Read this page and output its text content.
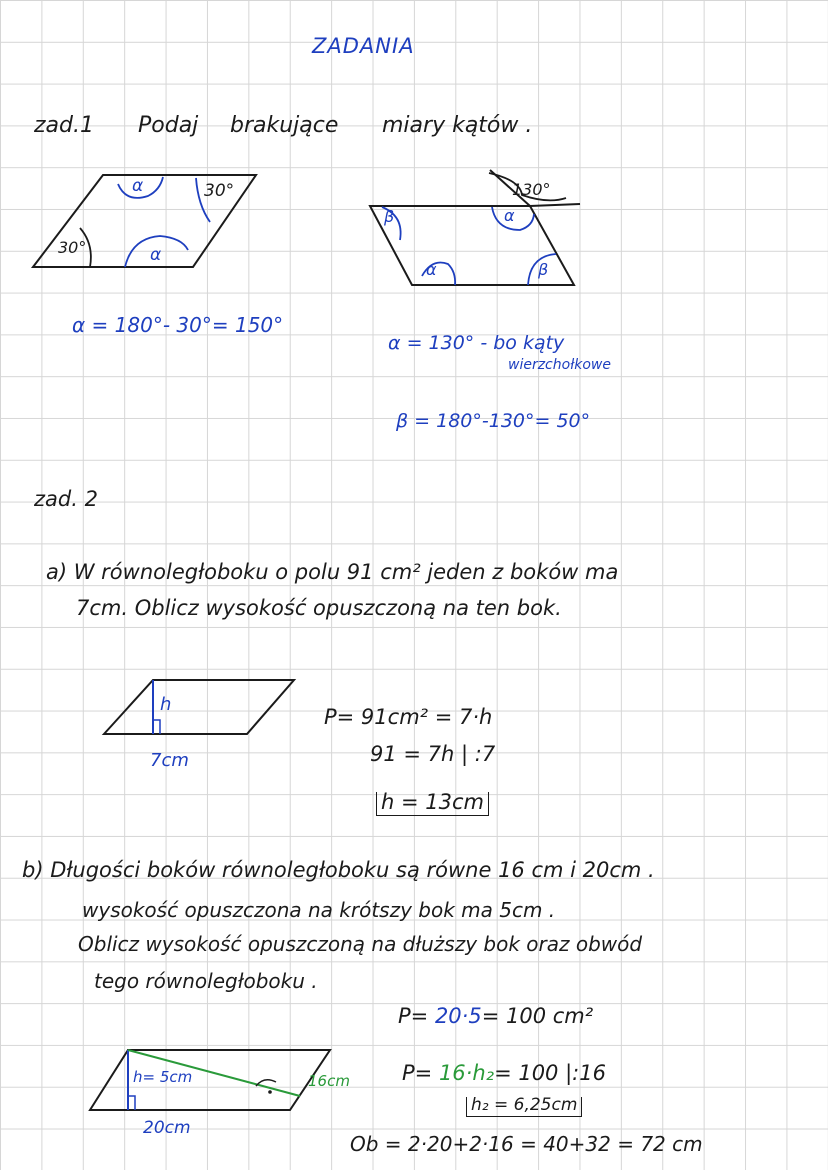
ZADANIA
zad.1 Podaj brakujące miary kątów .
α	30°
α
30°
130°
β	α
α	β
α = 180°- 30°= 150°
α = 130° - bo kąty
wierzchołkowe
β = 180°-130°= 50°
zad. 2
a) W równoległoboku o polu 91 cm² jeden z boków ma
7cm. Oblicz wysokość opuszczoną na ten bok.
h
7cm
P= 91cm² = 7·h
91 = 7h | :7
h = 13cm
b) Długości boków równoległoboku są równe 16 cm i 20cm .
wysokość opuszczona na krótszy bok ma 5cm .
Oblicz wysokość opuszczoną na dłuższy bok oraz obwód
tego równoległoboku .
h= 5cm	16cm
20cm
P= 20·5= 100 cm²
P= 16·h₂= 100 |:16
h₂ = 6,25cm
Ob = 2·20+2·16 = 40+32 = 72 cm
